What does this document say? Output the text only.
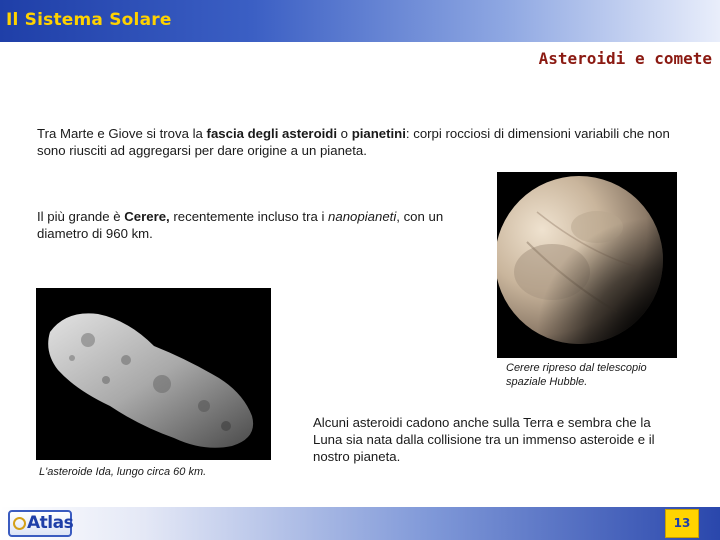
Il Sistema Solare
Asteroidi e comete
Tra Marte e Giove si trova la fascia degli asteroidi o pianetini: corpi rocciosi di dimensioni variabili che non sono riusciti ad aggregarsi per dare origine a un pianeta.
Il più grande è Cerere, recentemente incluso tra i nanopianeti, con un diametro di 960 km.
Cerere ripreso dal telescopio spaziale Hubble.
L'asteroide Ida, lungo circa 60 km.
Alcuni asteroidi cadono anche sulla Terra e sembra che la Luna sia nata dalla collisione tra un immenso asteroide e il nostro pianeta.
Atlas	13
